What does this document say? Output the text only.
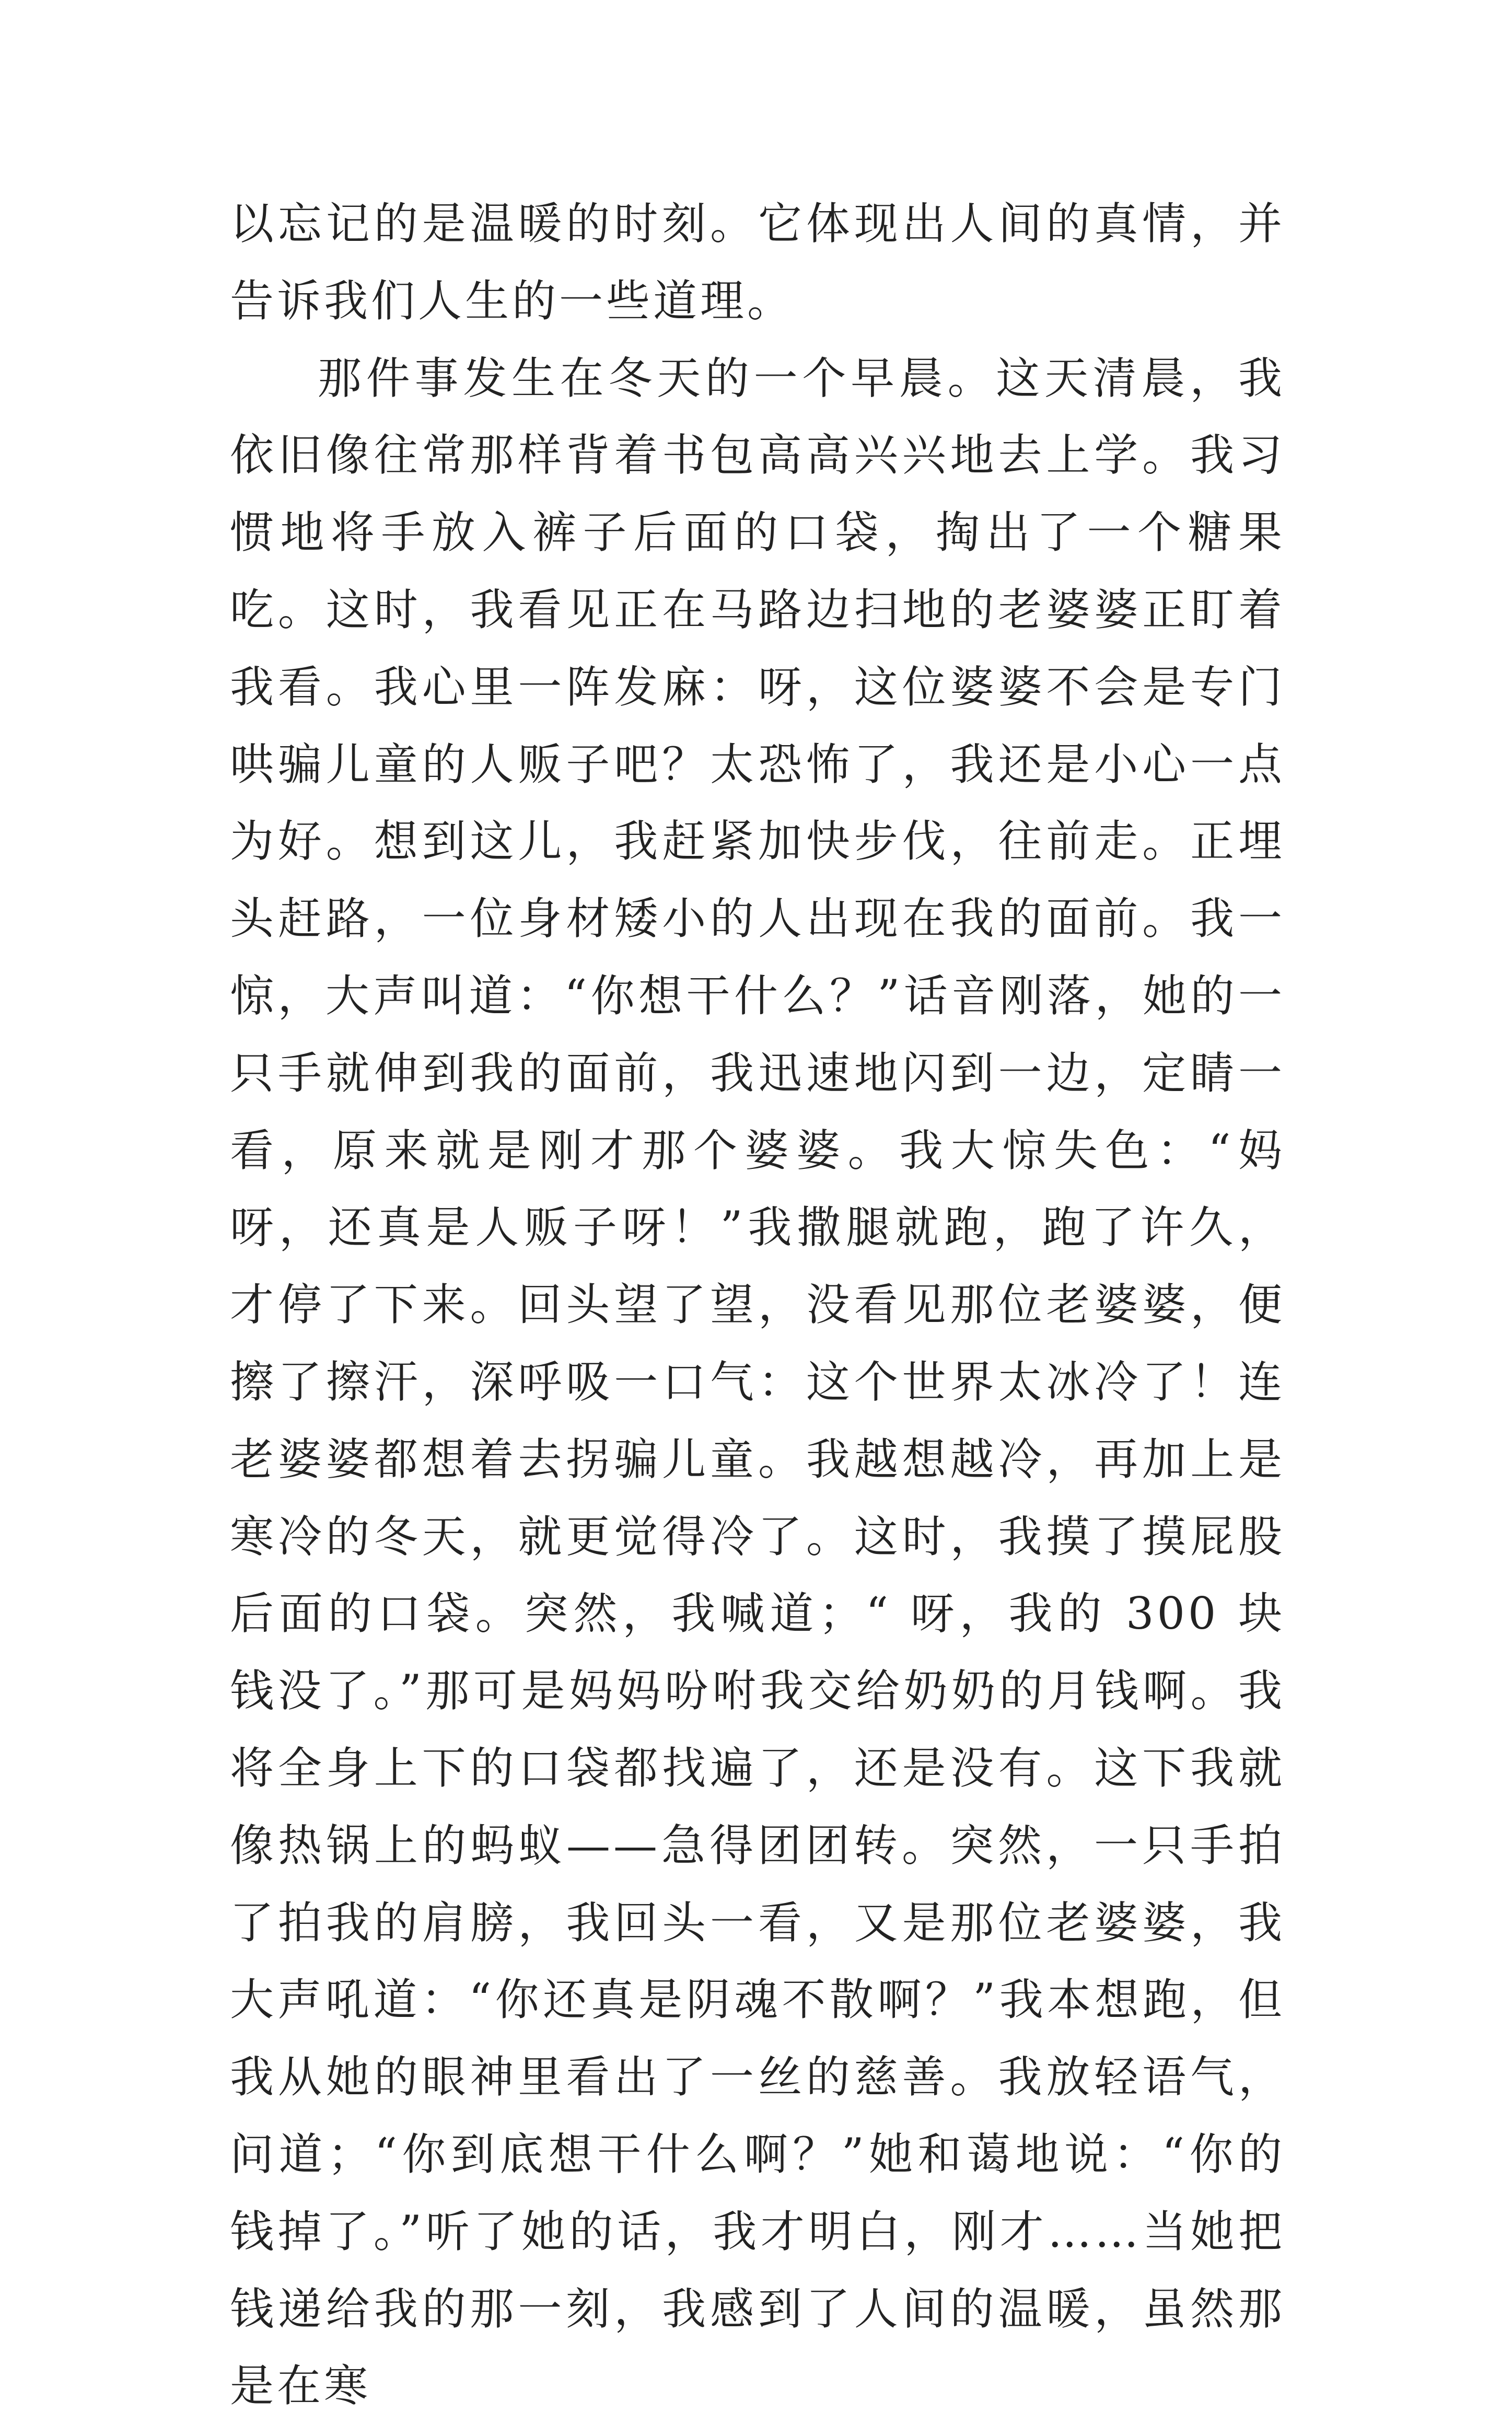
以忘记的是温暖的时刻。它体现出人间的真情，并告诉我们人生的一些道理。

那件事发生在冬天的一个早晨。这天清晨，我依旧像往常那样背着书包高高兴兴地去上学。我习惯地将手放入裤子后面的口袋，掏出了一个糖果吃。这时，我看见正在马路边扫地的老婆婆正盯着我看。我心里一阵发麻：呀，这位婆婆不会是专门哄骗儿童的人贩子吧？太恐怖了，我还是小心一点为好。想到这儿，我赶紧加快步伐，往前走。正埋头赶路，一位身材矮小的人出现在我的面前。我一惊，大声叫道：“你想干什么？”话音刚落，她的一只手就伸到我的面前，我迅速地闪到一边，定睛一看，原来就是刚才那个婆婆。我大惊失色：“妈呀，还真是人贩子呀！”我撒腿就跑，跑了许久，才停了下来。回头望了望，没看见那位老婆婆，便擦了擦汗，深呼吸一口气：这个世界太冰冷了！连老婆婆都想着去拐骗儿童。我越想越冷，再加上是寒冷的冬天，就更觉得冷了。这时，我摸了摸屁股后面的口袋。突然，我喊道；“ 呀，我的 300 块钱没了。”那可是妈妈吩咐我交给奶奶的月钱啊。我将全身上下的口袋都找遍了，还是没有。这下我就像热锅上的蚂蚁——急得团团转。突然，一只手拍了拍我的肩膀，我回头一看，又是那位老婆婆，我大声吼道：“你还真是阴魂不散啊？”我本想跑，但我从她的眼神里看出了一丝的慈善。我放轻语气，问道；“你到底想干什么啊？”她和蔼地说：“你的钱掉了。”听了她的话，我才明白，刚才……当她把钱递给我的那一刻，我感到了人间的温暖，虽然那是在寒
